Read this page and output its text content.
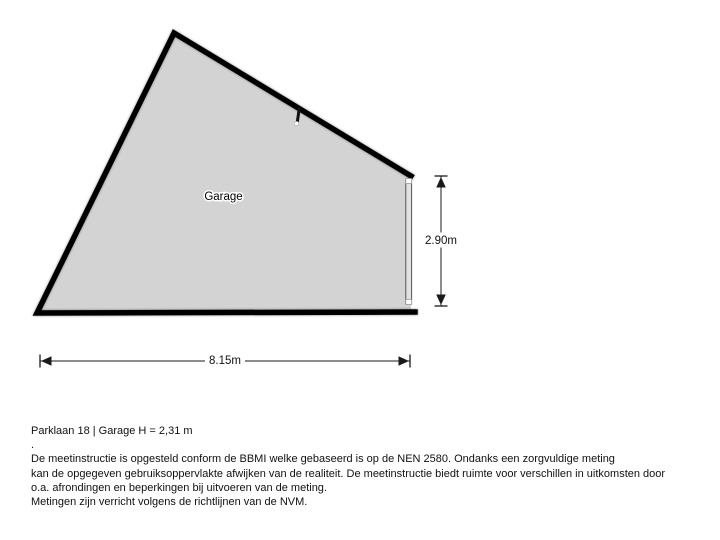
2.90m
8.15m
Garage
Parklaan 18 | Garage H = 2,31 m
.
De meetinstructie is opgesteld conform de BBMI welke gebaseerd is op de NEN 2580. Ondanks een zorgvuldige meting
kan de opgegeven gebruiksoppervlakte afwijken van de realiteit. De meetinstructie biedt ruimte voor verschillen in uitkomsten door
o.a. afrondingen en beperkingen bij uitvoeren van de meting.
Metingen zijn verricht volgens de richtlijnen van de NVM.
